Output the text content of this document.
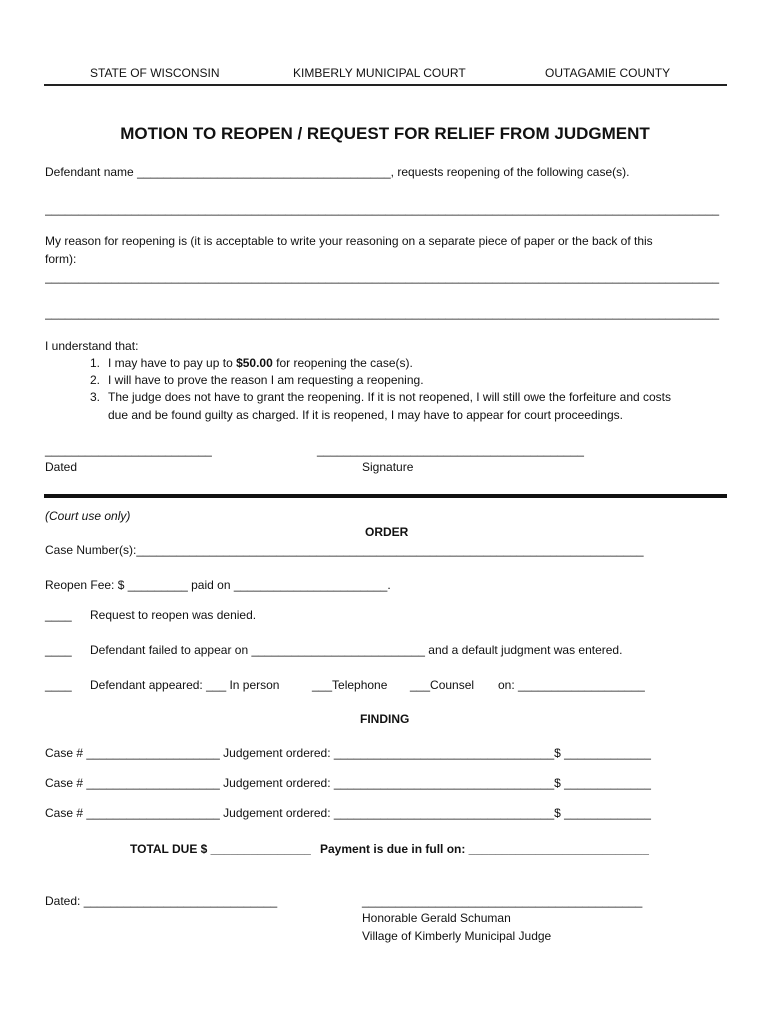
STATE OF WISCONSIN	KIMBERLY MUNICIPAL COURT	OUTAGAMIE COUNTY
MOTION TO REOPEN / REQUEST FOR RELIEF FROM JUDGMENT
Defendant name ______________________________________, requests reopening of the following case(s).
_____________________________________________________________________________________________________
My reason for reopening is (it is acceptable to write your reasoning on a separate piece of paper or the back of this
form):
_____________________________________________________________________________________________________
_____________________________________________________________________________________________________
I understand that:
1. I may have to pay up to $50.00 for reopening the case(s).
2. I will have to prove the reason I am requesting a reopening.
3. The judge does not have to grant the reopening. If it is not reopened, I will still owe the forfeiture and costs
due and be found guilty as charged. If it is reopened, I may have to appear for court proceedings.
_________________________	________________________________________
Dated	Signature
(Court use only)
ORDER
Case Number(s):____________________________________________________________________________
Reopen Fee: $ _________ paid on _______________________.
____ Request to reopen was denied.
____ Defendant failed to appear on __________________________ and a default judgment was entered.
____ Defendant appeared: ___ In person	___Telephone ___Counsel on: ___________________
FINDING
Case # ____________________ Judgement ordered: _________________________________$ _____________
Case # ____________________ Judgement ordered: _________________________________$ _____________
Case # ____________________ Judgement ordered: _________________________________$ _____________
TOTAL DUE $ _______________ Payment is due in full on: ___________________________
Dated: _____________________________	__________________________________________
Honorable Gerald Schuman
Village of Kimberly Municipal Judge
